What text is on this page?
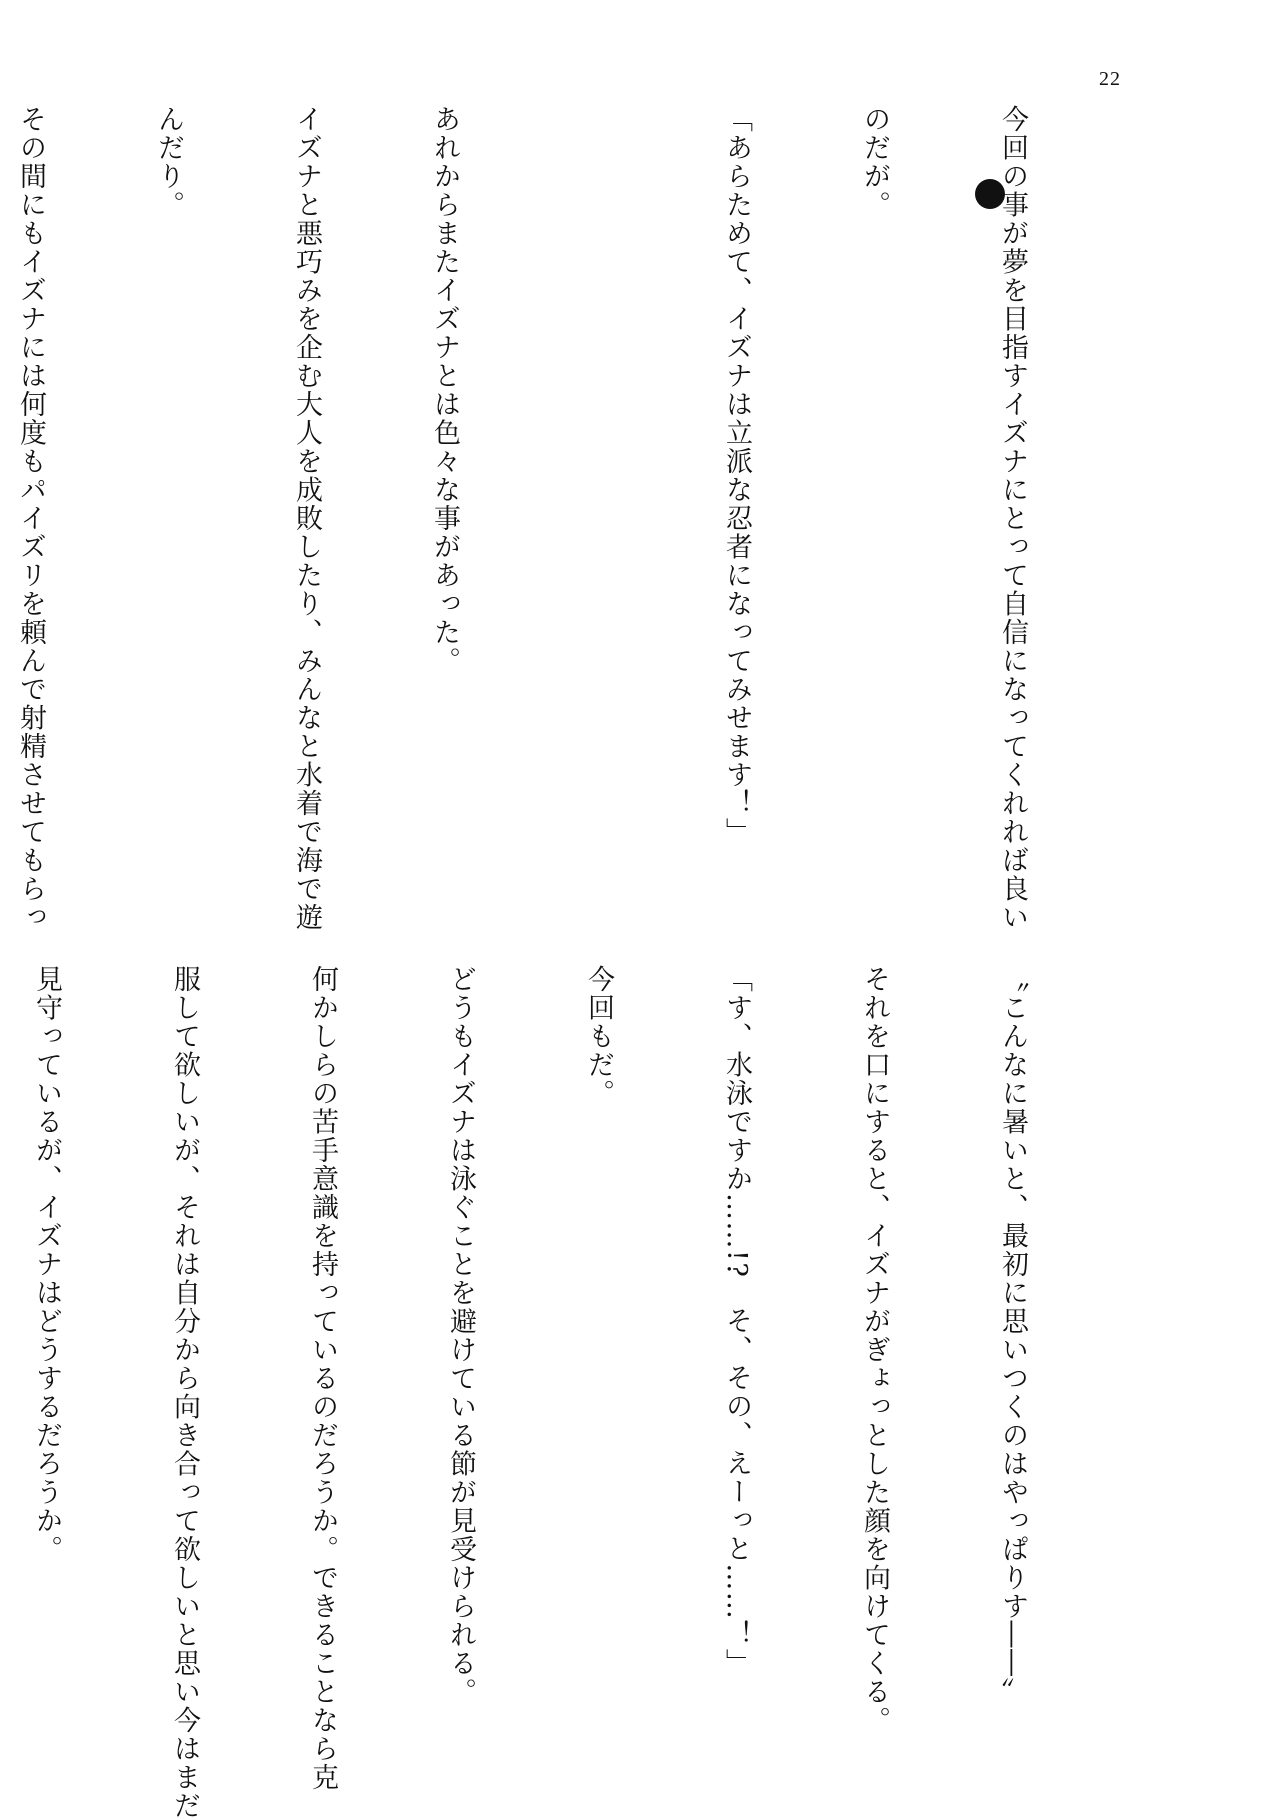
22

今回の事が夢を目指すイズナにとって自信になってくれれば良い

のだが。

「あらためて、イズナは立派な忍者になってみせます！」

あれからまたイズナとは色々な事があった。

イズナと悪巧みを企む大人を成敗したり、みんなと水着で海で遊

んだり。

その間にもイズナには何度もパイズリを頼んで射精させてもらっ

〝こんなに暑いと、最初に思いつくのはやっぱりす――〟

それを口にすると、イズナがぎょっとした顔を向けてくる。

「す、水泳ですか……!?　そ、その、えーっと……！」

今回もだ。

どうもイズナは泳ぐことを避けている節が見受けられる。

何かしらの苦手意識を持っているのだろうか。できることなら克

服して欲しいが、それは自分から向き合って欲しいと思い今はまだ

見守っているが、イズナはどうするだろうか。
